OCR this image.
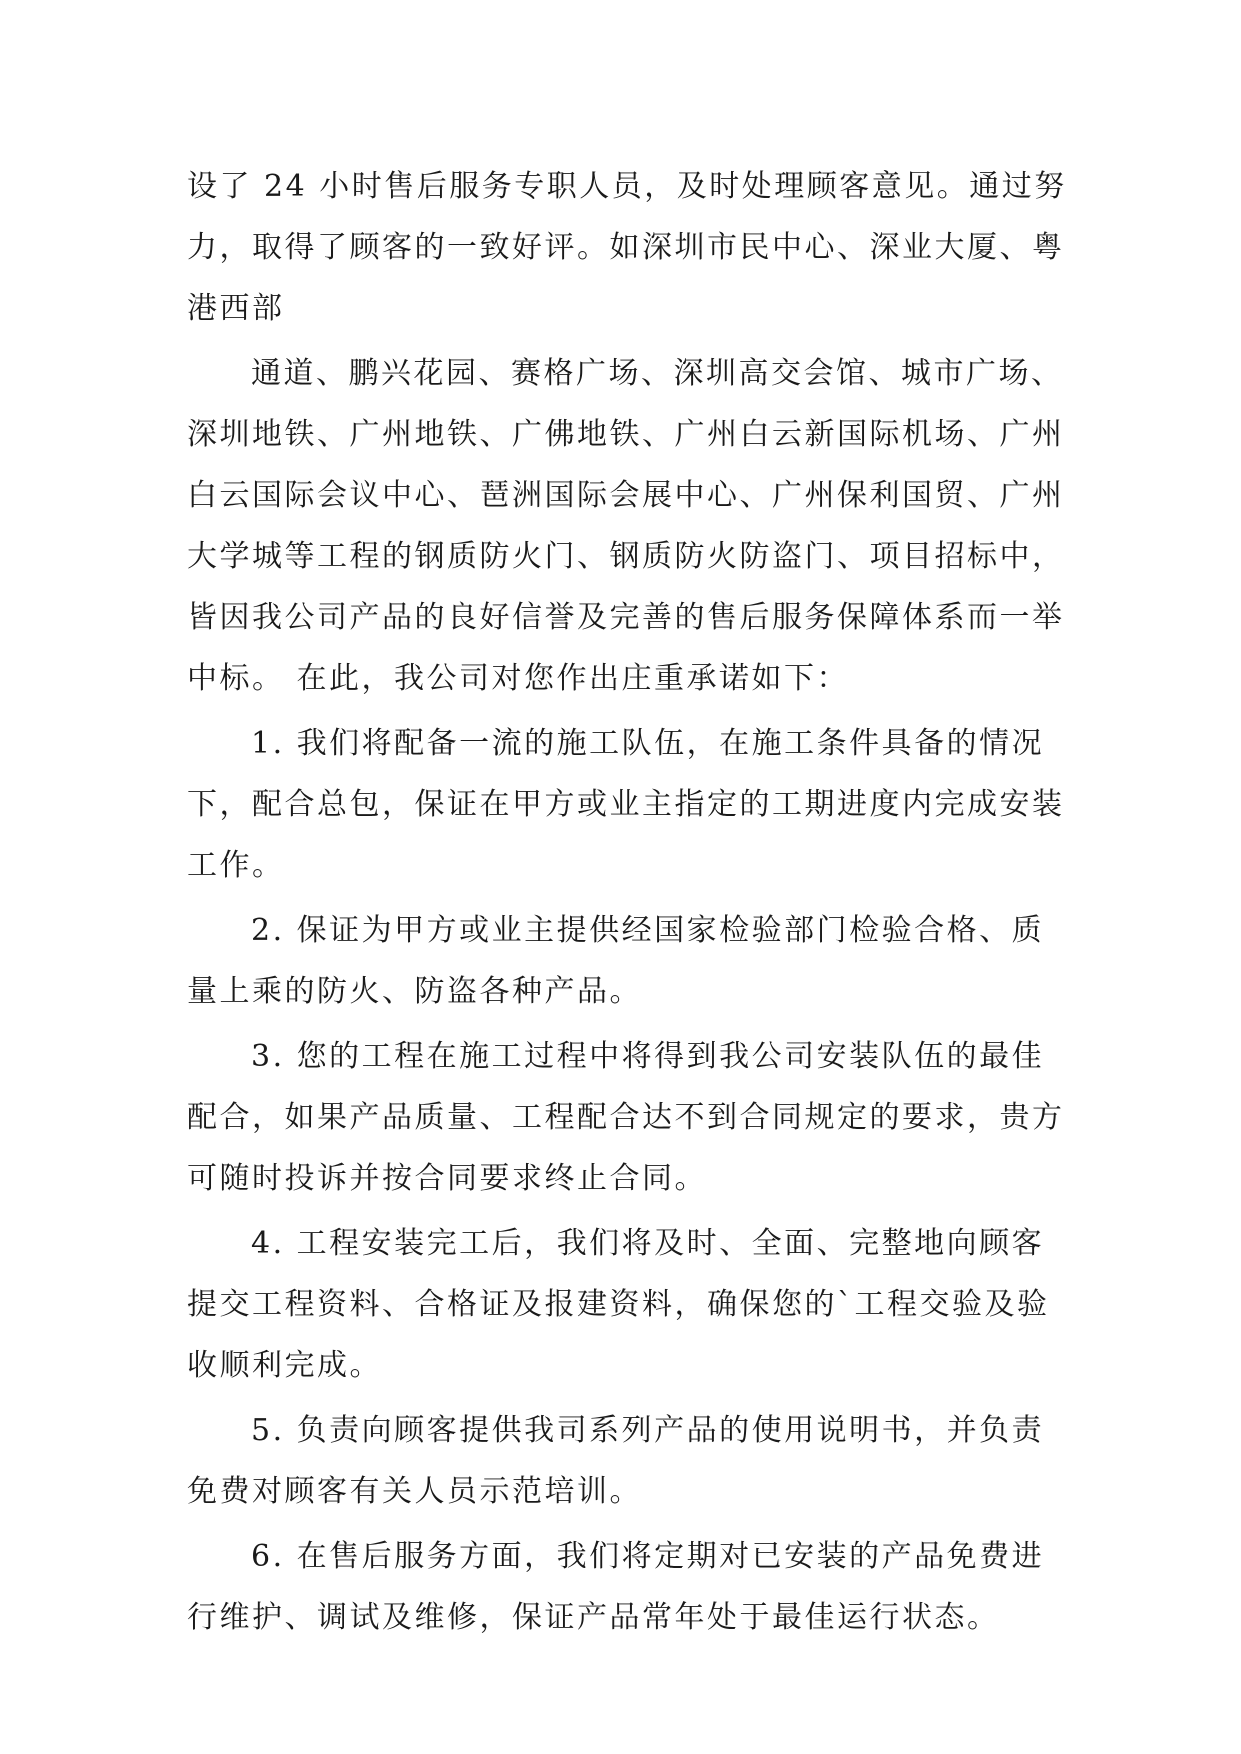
设了 24 小时售后服务专职人员，及时处理顾客意见。通过努力，取得了顾客的一致好评。如深圳市民中心、深业大厦、粤港西部

通道、鹏兴花园、赛格广场、深圳高交会馆、城市广场、深圳地铁、广州地铁、广佛地铁、广州白云新国际机场、广州白云国际会议中心、琶洲国际会展中心、广州保利国贸、广州大学城等工程的钢质防火门、钢质防火防盗门、项目招标中，皆因我公司产品的良好信誉及完善的售后服务保障体系而一举中标。 在此，我公司对您作出庄重承诺如下：

1. 我们将配备一流的施工队伍，在施工条件具备的情况下，配合总包，保证在甲方或业主指定的工期进度内完成安装工作。

2. 保证为甲方或业主提供经国家检验部门检验合格、质量上乘的防火、防盗各种产品。

3. 您的工程在施工过程中将得到我公司安装队伍的最佳配合，如果产品质量、工程配合达不到合同规定的要求，贵方可随时投诉并按合同要求终止合同。

4. 工程安装完工后，我们将及时、全面、完整地向顾客提交工程资料、合格证及报建资料，确保您的`工程交验及验收顺利完成。

5. 负责向顾客提供我司系列产品的使用说明书，并负责免费对顾客有关人员示范培训。

6. 在售后服务方面，我们将定期对已安装的产品免费进行维护、调试及维修，保证产品常年处于最佳运行状态。
